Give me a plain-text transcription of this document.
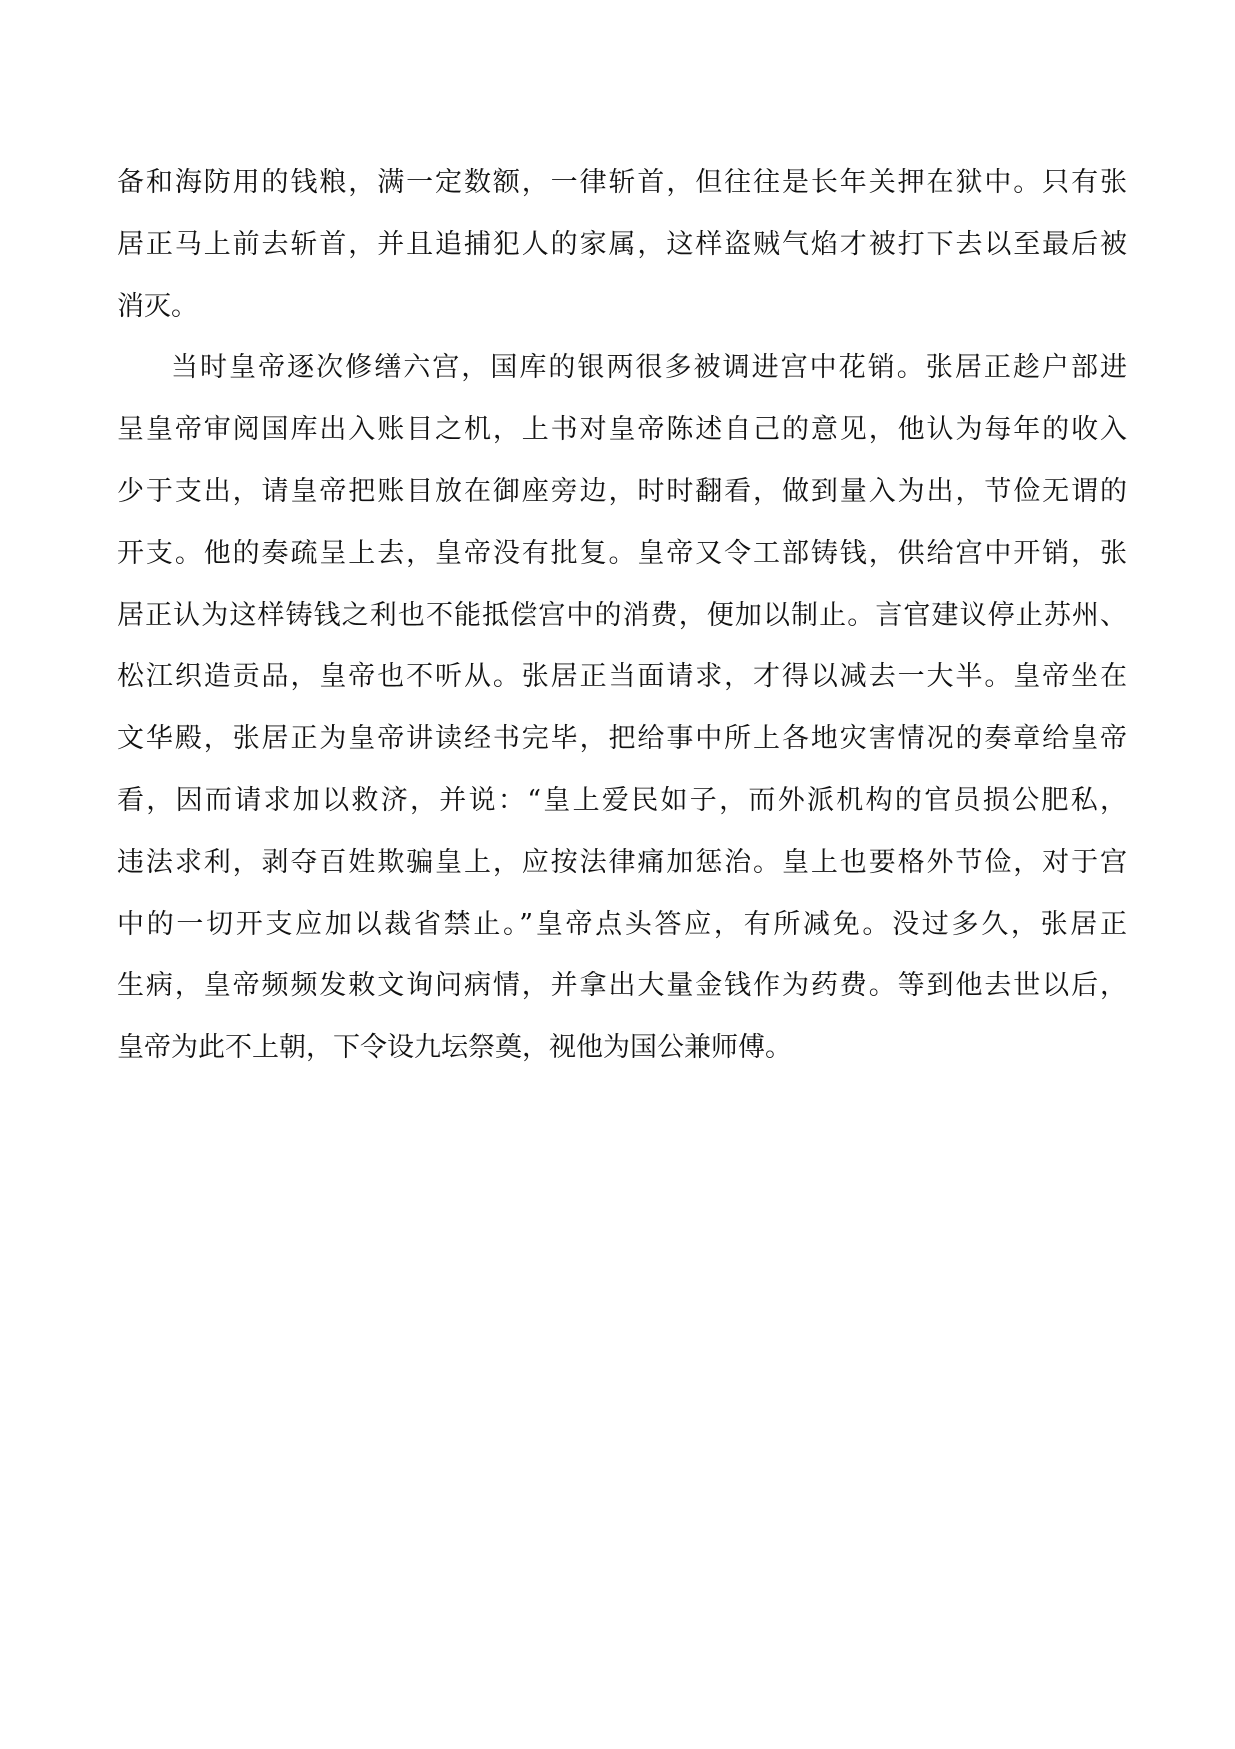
备和海防用的钱粮，满一定数额，一律斩首，但往往是长年关押在狱中。只有张
居正马上前去斩首，并且追捕犯人的家属，这样盗贼气焰才被打下去以至最后被
消灭。
当时皇帝逐次修缮六宫，国库的银两很多被调进宫中花销。张居正趁户部进
呈皇帝审阅国库出入账目之机，上书对皇帝陈述自己的意见，他认为每年的收入
少于支出，请皇帝把账目放在御座旁边，时时翻看，做到量入为出，节俭无谓的
开支。他的奏疏呈上去，皇帝没有批复。皇帝又令工部铸钱，供给宫中开销，张
居正认为这样铸钱之利也不能抵偿宫中的消费，便加以制止。言官建议停止苏州、
松江织造贡品，皇帝也不听从。张居正当面请求，才得以减去一大半。皇帝坐在
文华殿，张居正为皇帝讲读经书完毕，把给事中所上各地灾害情况的奏章给皇帝
看，因而请求加以救济，并说：“皇上爱民如子，而外派机构的官员损公肥私，
违法求利，剥夺百姓欺骗皇上，应按法律痛加惩治。皇上也要格外节俭，对于宫
中的一切开支应加以裁省禁止。”皇帝点头答应，有所减免。没过多久，张居正
生病，皇帝频频发敕文询问病情，并拿出大量金钱作为药费。等到他去世以后，
皇帝为此不上朝，下令设九坛祭奠，视他为国公兼师傅。
